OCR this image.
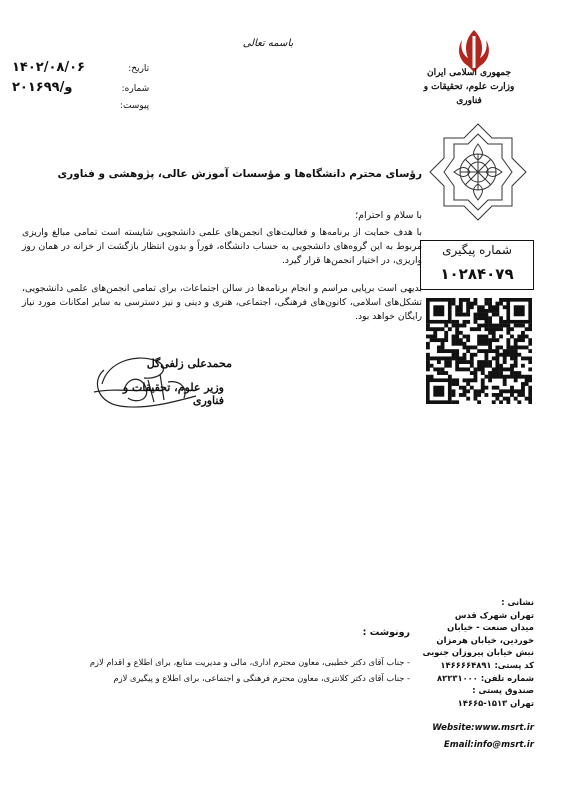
جمهوری اسلامی ایران
وزارت علوم، تحقیقات و فناوری
باسمه تعالی
۱۴۰۲/۰۸/۰۶	تاریخ:
۲۰۱۶۹۹/و	شماره:
پیوست:
رؤسای محترم دانشگاه‌ها و مؤسسات آموزش عالی، پژوهشی و فناوری
با سلام و احترام؛
با هدف حمایت از برنامه‌ها و فعالیت‌های انجمن‌های علمی دانشجویی شایسته است تمامی مبالغ واریزی مربوط به این گروه‌های دانشجویی به حساب دانشگاه، فوراً و بدون انتظار بازگشت از خزانه در همان روز واریزی، در اختیار انجمن‌ها قرار گیرد.
بدیهی است برپایی مراسم و انجام برنامه‌ها در سالن اجتماعات، برای تمامی انجمن‌های علمی دانشجویی، تشکل‌های اسلامی، کانون‌های فرهنگی، اجتماعی، هنری و دینی و نیز دسترسی به سایر امکانات مورد نیاز رایگان خواهد بود.
شماره پیگیری
۱۰۲۸۴۰۷۹
محمدعلی زلفی‌گل
وزیر علوم، تحقیقات و فناوری
رونوشت :
- جناب آقای دکتر خطیبی، معاون محترم اداری، مالی و مدیریت منابع، برای اطلاع و اقدام لازم
- جناب آقای دکتر کلانتری، معاون محترم فرهنگی و اجتماعی، برای اطلاع و پیگیری لازم
نشانی :
تهران شهرک قدس
میدان صنعت - خیابان
خوردین، خیابان هرمزان
نبش خیابان پیروزان جنوبی
کد پستی: ۱۴۶۶۶۶۴۸۹۱
شماره تلفن: ۸۲۲۳۱۰۰۰
صندوق پستی :
تهران ۱۵۱۳-۱۴۶۶۵
Website:www.msrt.ir
Email:info@msrt.ir
